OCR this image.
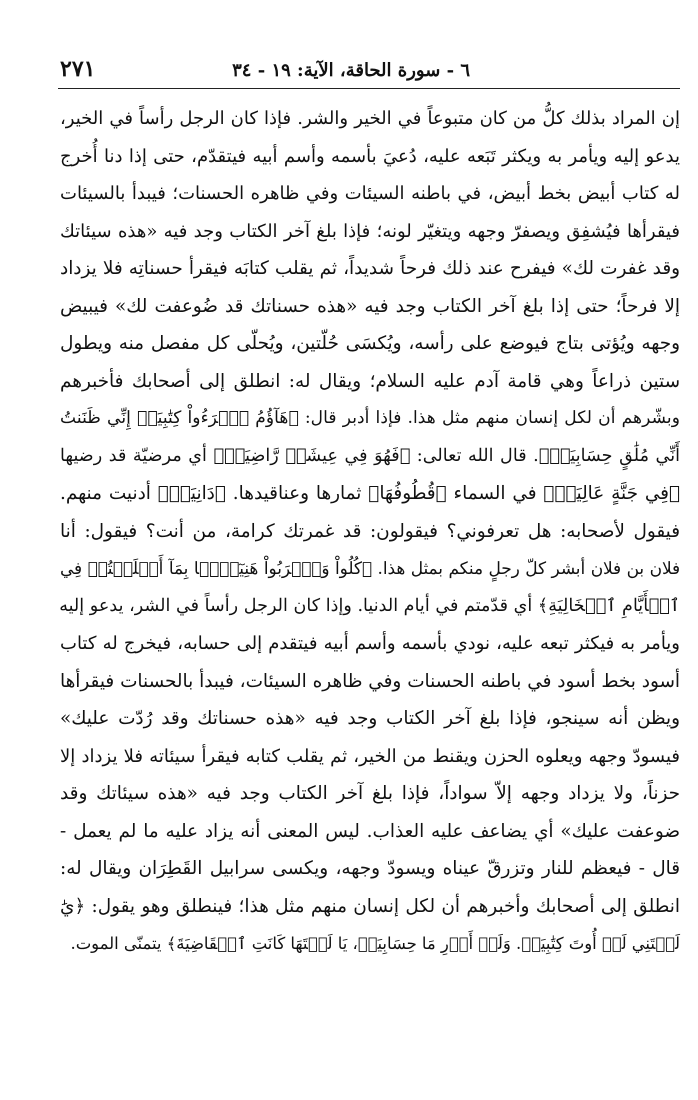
٦ - سورة الحاقة، الآية: ١٩ - ٣٤
٢٧١
إن المراد بذلك كلُّ من كان متبوعاً في الخير والشر. فإذا كان الرجل رأساً في الخير،
يدعو إليه ويأمر به ويكثر تَبَعه عليه، دُعيَ بأسمه وأسم أبيه فيتقدّم، حتى إذا دنا أُخرج
له كتاب أبيض بخط أبيض، في باطنه السيئات وفي ظاهره الحسنات؛ فيبدأ بالسيئات
فيقرأها فيُشفِق ويصفرّ وجهه ويتغيّر لونه؛ فإذا بلغ آخر الكتاب وجد فيه «هذه سيئاتك
وقد غفرت لك» فيفرح عند ذلك فرحاً شديداً، ثم يقلب كتابَه فيقرأ حسناتِه فلا يزداد
إلا فرحاً؛ حتى إذا بلغ آخر الكتاب وجد فيه «هذه حسناتك قد ضُوعفت لك» فيبيض
وجهه ويُؤتى بتاج فيوضع على رأسه، ويُكسَى حُلّتين، ويُحلّى كل مفصل منه ويطول
ستين ذراعاً وهي قامة آدم عليه السلام؛ ويقال له: انطلق إلى أصحابك فأخبرهم
وبشّرهم أن لكل إنسان منهم مثل هذا. فإذا أدبر قال: ﴿هَآؤُمُ ٱقۡرَءُواْ كِتَٰبِيَهۡ إِنِّي ظَنَنتُ
أَنِّي مُلَٰقٍ حِسَابِيَهۡ﴾. قال الله تعالى: ﴿فَهُوَ فِي عِيشَةٖ رَّاضِيَةٖ﴾ أي مرضيّة قد رضيها
﴿فِي جَنَّةٍ عَالِيَةٖ﴾ في السماء ﴿قُطُوفُهَا﴾ ثمارها وعناقيدها. ﴿دَانِيَةٞ﴾ أدنيت منهم.
فيقول لأصحابه: هل تعرفوني؟ فيقولون: قد غمرتك كرامة، من أنت؟ فيقول: أنا
فلان بن فلان أبشر كلّ رجلٍ منكم بمثل هذا. ﴿كُلُواْ وَٱشۡرَبُواْ هَنِيٓـَٔۢا بِمَآ أَسۡلَفۡتُمۡ فِي
ٱلۡأَيَّامِ ٱلۡخَالِيَةِ﴾ أي قدّمتم في أيام الدنيا. وإذا كان الرجل رأساً في الشر، يدعو إليه
ويأمر به فيكثر تبعه عليه، نودي بأسمه وأسم أبيه فيتقدم إلى حسابه، فيخرج له كتاب
أسود بخط أسود في باطنه الحسنات وفي ظاهره السيئات، فيبدأ بالحسنات فيقرأها
ويظن أنه سينجو، فإذا بلغ آخر الكتاب وجد فيه «هذه حسناتك وقد رُدّت عليك»
فيسودّ وجهه ويعلوه الحزن ويقنط من الخير، ثم يقلب كتابه فيقرأ سيئاته فلا يزداد إلا
حزناً، ولا يزداد وجهه إلاّ سواداً، فإذا بلغ آخر الكتاب وجد فيه «هذه سيئاتك وقد
ضوعفت عليك» أي يضاعف عليه العذاب. ليس المعنى أنه يزاد عليه ما لم يعمل -
قال - فيعظم للنار وتزرقّ عيناه ويسودّ وجهه، ويكسى سرابيل القَطِرَان ويقال له:
انطلق إلى أصحابك وأخبرهم أن لكل إنسان منهم مثل هذا؛ فينطلق وهو يقول: ﴿يَٰ
لَيۡتَنِي لَمۡ أُوتَ كِتَٰبِيَهۡ. وَلَمۡ أَدۡرِ مَا حِسَابِيَهۡ، يَا لَيۡتَهَا كَانَتِ ٱلۡقَاضِيَةَ﴾ يتمنّى الموت.
